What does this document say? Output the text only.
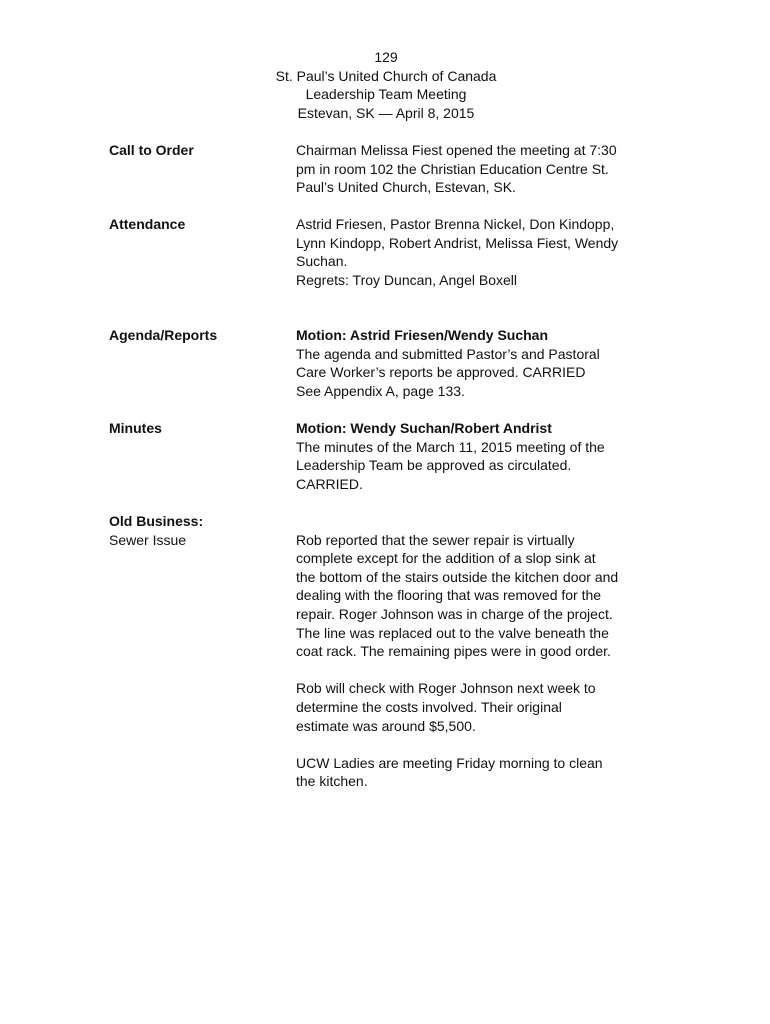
129
St. Paul’s United Church of Canada
Leadership Team Meeting
Estevan, SK — April 8, 2015
Call to Order	Chairman Melissa Fiest opened the meeting at 7:30
pm in room 102 the Christian Education Centre St.
Paul’s United Church, Estevan, SK.
Attendance	Astrid Friesen, Pastor Brenna Nickel, Don Kindopp,
Lynn Kindopp, Robert Andrist, Melissa Fiest, Wendy
Suchan.
Regrets: Troy Duncan, Angel Boxell
Agenda/Reports	Motion: Astrid Friesen/Wendy Suchan
The agenda and submitted Pastor’s and Pastoral
Care Worker’s reports be approved. CARRIED
See Appendix A, page 133.
Minutes	Motion: Wendy Suchan/Robert Andrist
The minutes of the March 11, 2015 meeting of the
Leadership Team be approved as circulated.
CARRIED.
Old Business:
Sewer Issue	Rob reported that the sewer repair is virtually
complete except for the addition of a slop sink at
the bottom of the stairs outside the kitchen door and
dealing with the flooring that was removed for the
repair. Roger Johnson was in charge of the project.
The line was replaced out to the valve beneath the
coat rack. The remaining pipes were in good order.
Rob will check with Roger Johnson next week to
determine the costs involved. Their original
estimate was around $5,500.
UCW Ladies are meeting Friday morning to clean
the kitchen.
